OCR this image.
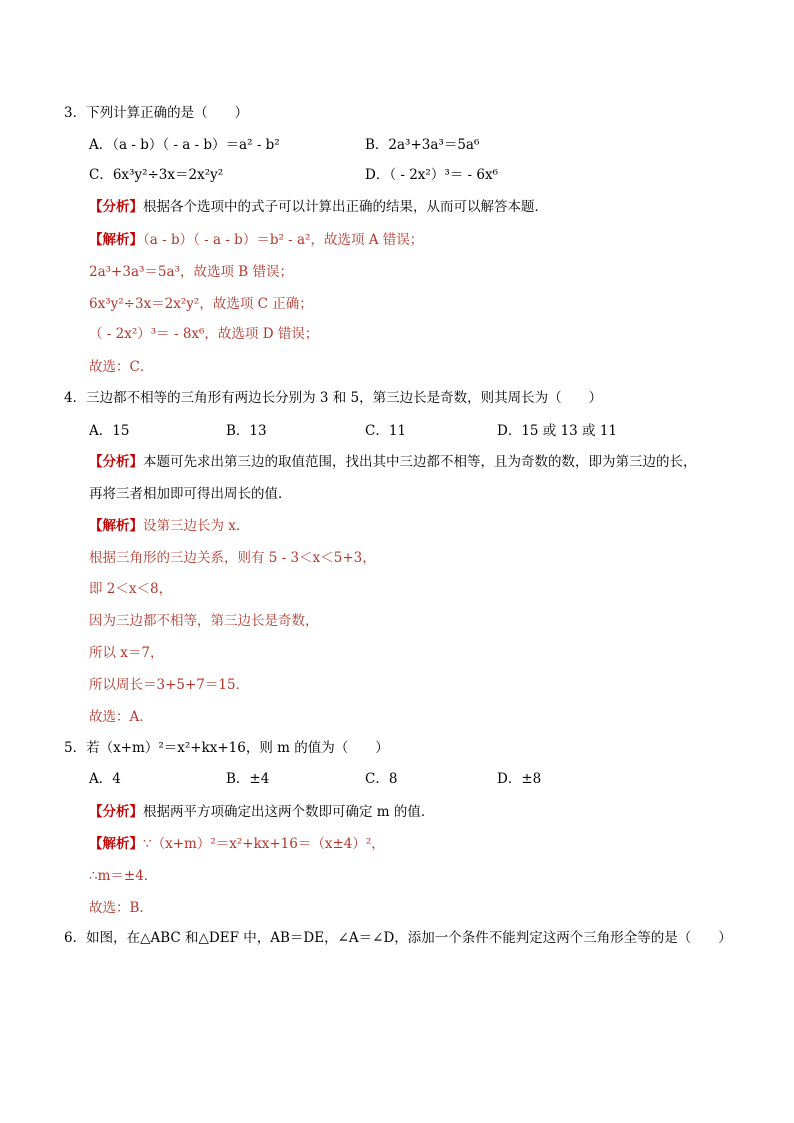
3．下列计算正确的是（　　）
A．（a - b）（ - a - b）＝a² - b²	B．2a³+3a³＝5a⁶
C．6x³y²÷3x＝2x²y²	D．（ - 2x²）³＝ - 6x⁶
【分析】根据各个选项中的式子可以计算出正确的结果，从而可以解答本题．
【解析】（a - b）（ - a - b）＝b² - a²，故选项 A 错误；
2a³+3a³＝5a³，故选项 B 错误；
6x³y²÷3x＝2x²y²，故选项 C 正确；
（ - 2x²）³＝ - 8x⁶，故选项 D 错误；
故选：C．
4．三边都不相等的三角形有两边长分别为 3 和 5，第三边长是奇数，则其周长为（　　）
A．15	B．13	C．11	D．15 或 13 或 11
【分析】本题可先求出第三边的取值范围，找出其中三边都不相等，且为奇数的数，即为第三边的长，
再将三者相加即可得出周长的值．
【解析】设第三边长为 x．
根据三角形的三边关系，则有 5 - 3＜x＜5+3，
即 2＜x＜8，
因为三边都不相等，第三边长是奇数，
所以 x＝7，
所以周长＝3+5+7＝15．
故选：A．
5．若（x+m）²＝x²+kx+16，则 m 的值为（　　）
A．4	B．±4	C．8	D．±8
【分析】根据两平方项确定出这两个数即可确定 m 的值．
【解析】∵（x+m）²＝x²+kx+16＝（x±4）²，
∴m＝±4．
故选：B．
6．如图，在△ABC 和△DEF 中，AB＝DE，∠A＝∠D，添加一个条件不能判定这两个三角形全等的是（　　）
